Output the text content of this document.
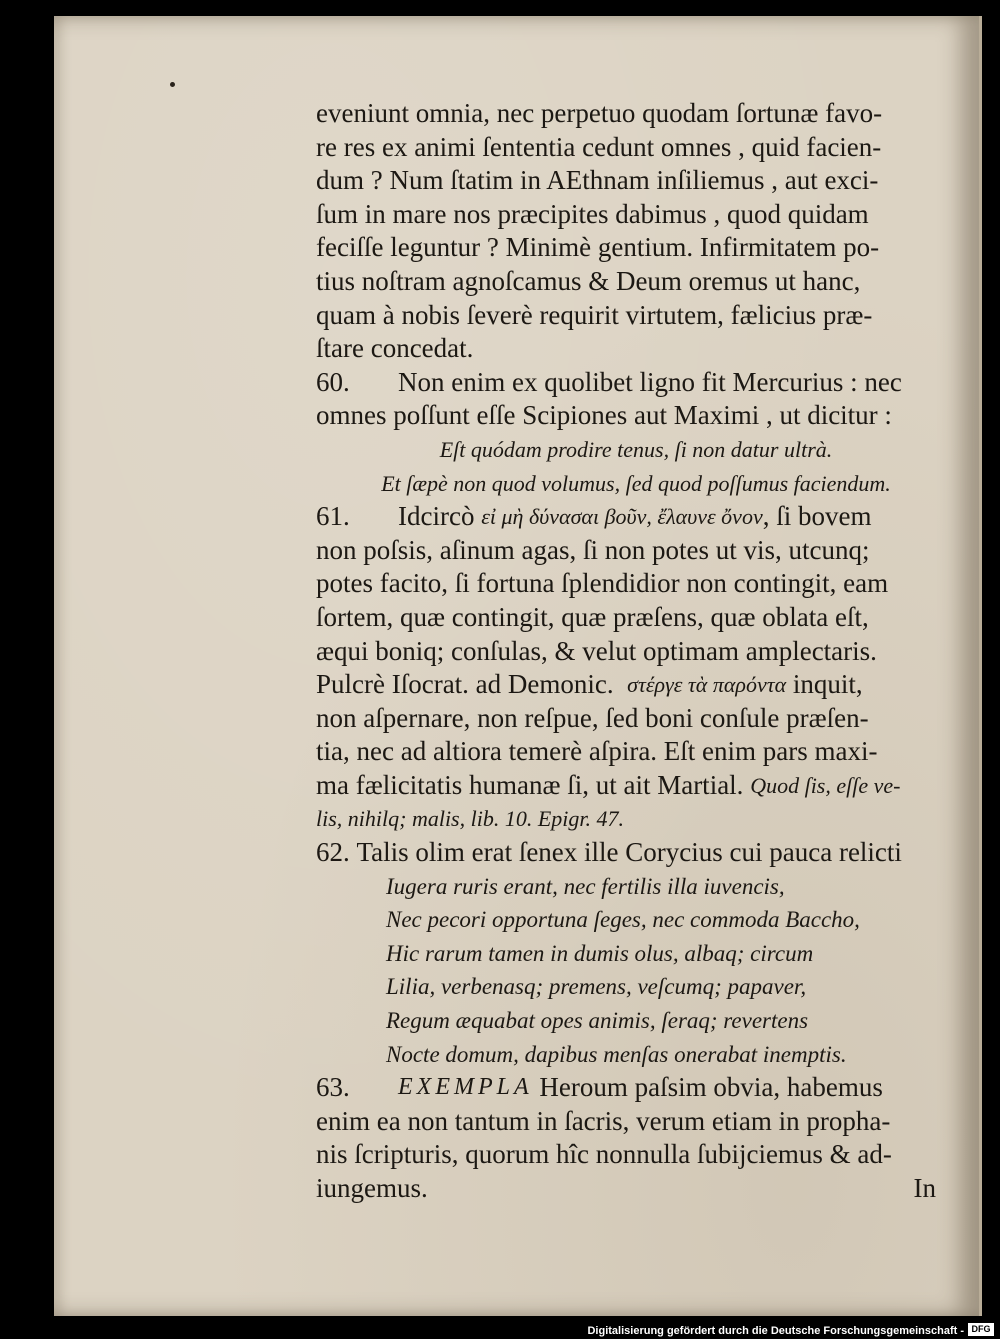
eveniunt omnia, nec perpetuo quodam ſortunæ favo-
re res ex animi ſententia cedunt omnes , quid facien-
dum ? Num ſtatim in AEthnam inſiliemus , aut exci-
ſum in mare nos præcipites dabimus , quod quidam
feciſſe leguntur ? Minimè gentium. Infirmitatem po-
tius noſtram agnoſcamus & Deum oremus ut hanc,
quam à nobis ſeverè requirit virtutem, fælicius præ-
ſtare concedat.
60.	Non enim ex quolibet ligno fit Mercurius : nec
omnes poſſunt eſſe Scipiones aut Maximi , ut dicitur :
Eſt quódam prodire tenus, ſi non datur ultrà.
Et ſæpè non quod volumus, ſed quod poſſumus faciendum.
61.	Idcircò
εἰ μὴ δύνασαι βοῦν, ἔλαυνε ὄνον , ſi bovem
non poſsis, aſinum agas, ſi non potes ut vis, utcunq;
potes facito, ſi fortuna ſplendidior non contingit, eam
ſortem, quæ contingit, quæ præſens, quæ oblata eſt,
æqui boniq; conſulas, & velut optimam amplectaris.
Pulcrè Iſocrat. ad Demonic.
στέργε τὰ παρόντα
inquit,
non aſpernare, non reſpue, ſed boni conſule præſen-
tia, nec ad altiora temerè aſpira. Eſt enim pars maxi-
ma fælicitatis humanæ ſi, ut ait Martial.
Quod ſis, eſſe ve-
lis, nihilq; malis, lib. 10. Epigr. 47.
62.
Talis olim erat ſenex ille Corycius cui pauca relicti
Iugera ruris erant, nec fertilis illa iuvencis,
Nec pecori opportuna ſeges, nec commoda Baccho,
Hic rarum tamen in dumis olus, albaq; circum
Lilia, verbenasq; premens, veſcumq; papaver,
Regum æquabat opes animis, ſeraq; revertens
Nocte domum, dapibus menſas onerabat inemptis.
63.	EXEMPLA
Heroum paſsim obvia, habemus
enim ea non tantum in ſacris, verum etiam in propha-
nis ſcripturis, quorum hîc nonnulla ſubijciemus & ad-
iungemus.	In
Digitalisierung gefördert durch die Deutsche Forschungsgemeinschaft - DFG
